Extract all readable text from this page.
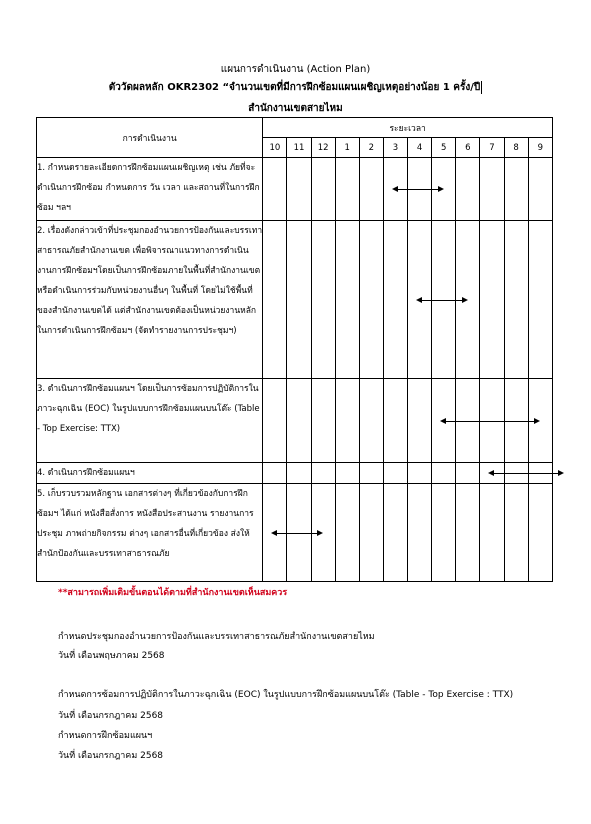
แผนการดำเนินงาน (Action Plan)
ตัววัดผลหลัก OKR2302 “จำนวนเขตที่มีการฝึกซ้อมแผนเผชิญเหตุอย่างน้อย 1 ครั้ง/ปี
สำนักงานเขตสายไหม
การดำเนินงาน	ระยะเวลา											
	10	11	12	1	2	3	4	5	6	7	8	9
1. กำหนดรายละเอียดการฝึกซ้อมแผนเผชิญเหตุ เช่น ภัยที่จะดำเนินการฝึกซ้อม กำหนดการ วัน เวลา และสถานที่ในการฝึกซ้อม ฯลฯ						

2. เรื่องดังกล่าวเข้าที่ประชุมกองอำนวยการป้องกันและบรรเทาสาธารณภัยสำนักงานเขต เพื่อพิจารณาแนวทางการดำเนินงานการฝึกซ้อมฯโดยเป็นการฝึกซ้อมภายในพื้นที่สำนักงานเขต หรือดำเนินการร่วมกับหน่วยงานอื่นๆ ในพื้นที่ โดยไม่ใช้พื้นที่ของสำนักงานเขตได้ แต่สำนักงานเขตต้องเป็นหน่วยงานหลักในการดำเนินการฝึกซ้อมฯ (จัดทำรายงานการประชุมฯ)							

3. ดำเนินการฝึกซ้อมแผนฯ โดยเป็นการซ้อมการปฏิบัติการในภาวะฉุกเฉิน (EOC) ในรูปแบบการฝึกซ้อมแผนบนโต๊ะ (Table - Top Exercise: TTX)								

4. ดำเนินการฝึกซ้อมแผนฯ										

5. เก็บรวบรวมหลักฐาน เอกสารต่างๆ ที่เกี่ยวข้องกับการฝึกซ้อมฯ ได้แก่ หนังสือสั่งการ หนังสือประสานงาน รายงานการประชุม ภาพถ่ายกิจกรรม ต่างๆ เอกสารอื่นที่เกี่ยวข้อง ส่งให้สำนักป้องกันและบรรเทาสาธารณภัย	

**สามารถเพิ่มเติมขั้นตอนได้ตามที่สำนักงานเขตเห็นสมควร
กำหนดประชุมกองอำนวยการป้องกันและบรรเทาสาธารณภัยสำนักงานเขตสายไหม
วันที่ เดือนพฤษภาคม 2568
กำหนดการซ้อมการปฏิบัติการในภาวะฉุกเฉิน (EOC) ในรูปแบบการฝึกซ้อมแผนบนโต๊ะ (Table - Top Exercise : TTX)
วันที่ เดือนกรกฎาคม 2568
กำหนดการฝึกซ้อมแผนฯ
วันที่ เดือนกรกฎาคม 2568
